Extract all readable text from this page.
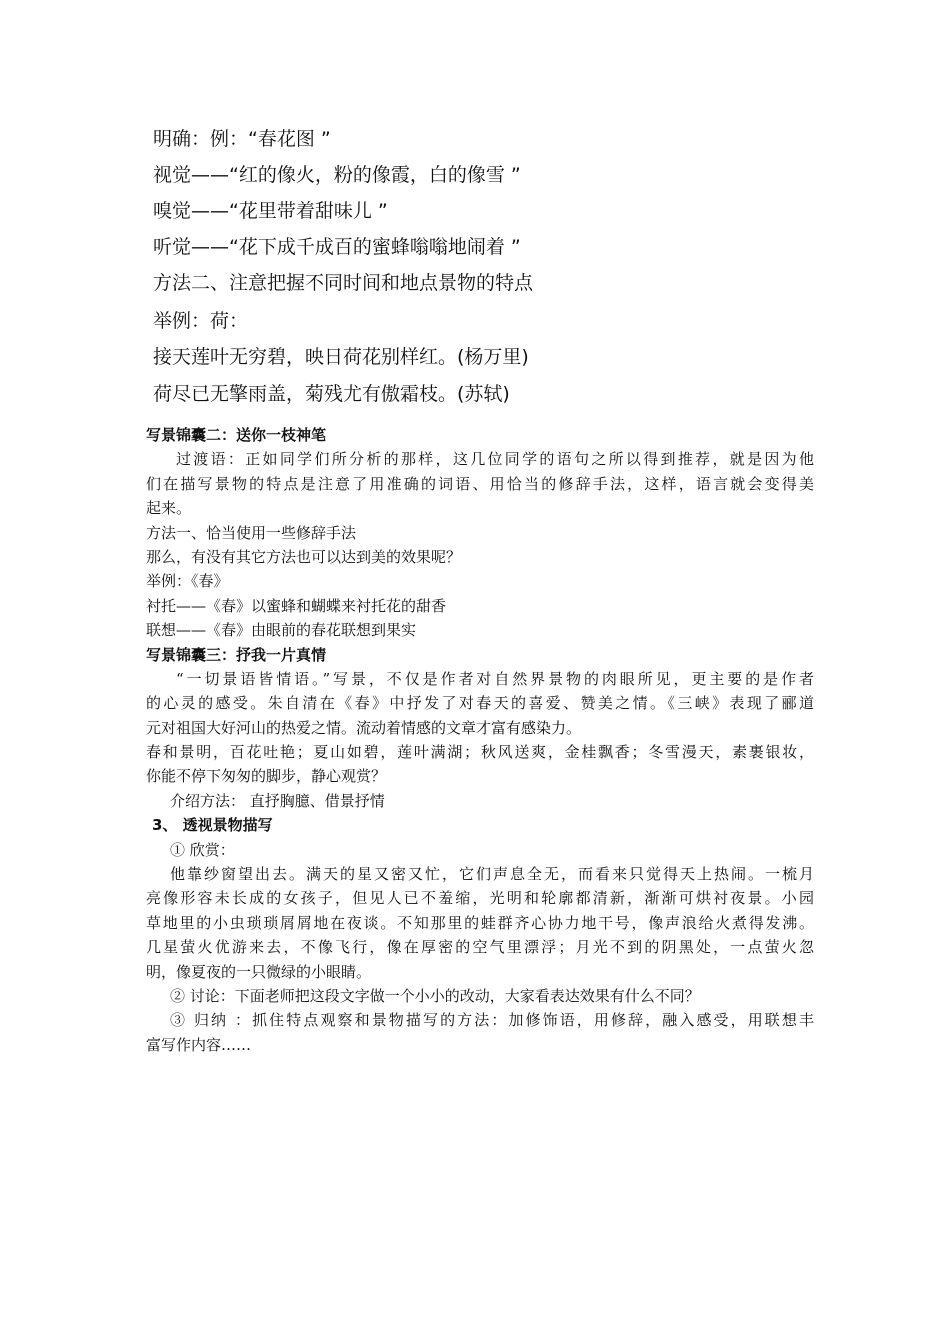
明确：例：“春花图 ”
视觉——“红的像火，粉的像霞，白的像雪 ”
嗅觉——“花里带着甜味儿 ”
听觉——“花下成千成百的蜜蜂嗡嗡地闹着 ”
方法二、注意把握不同时间和地点景物的特点
举例：荷：
接天莲叶无穷碧，映日荷花别样红。(杨万里)
荷尽已无擎雨盖，菊残尤有傲霜枝。(苏轼)
写景锦囊二：送你一枝神笔
过渡语：正如同学们所分析的那样，这几位同学的语句之所以得到推荐，就是因为他
们在描写景物的特点是注意了用准确的词语、用恰当的修辞手法，这样，语言就会变得美
起来。
方法一、恰当使用一些修辞手法
那么，有没有其它方法也可以达到美的效果呢？
举例：《春》
衬托——《春》以蜜蜂和蝴蝶来衬托花的甜香
联想——《春》由眼前的春花联想到果实
写景锦囊三：抒我一片真情
“一切景语皆情语。”写景，不仅是作者对自然界景物的肉眼所见，更主要的是作者
的心灵的感受。朱自清在《春》中抒发了对春天的喜爱、赞美之情。《三峡》表现了郦道
元对祖国大好河山的热爱之情。流动着情感的文章才富有感染力。
春和景明，百花吐艳；夏山如碧，莲叶满湖；秋风送爽，金桂飘香；冬雪漫天，素裹银妆，
你能不停下匆匆的脚步，静心观赏？
介绍方法： 直抒胸臆、借景抒情
3、 透视景物描写
① 欣赏：
他靠纱窗望出去。满天的星又密又忙，它们声息全无，而看来只觉得天上热闹。一梳月
亮像形容未长成的女孩子，但见人已不羞缩，光明和轮廓都清新，渐渐可烘衬夜景。小园
草地里的小虫琐琐屑屑地在夜谈。不知那里的蛙群齐心协力地干号，像声浪给火煮得发沸。
几星萤火优游来去，不像飞行，像在厚密的空气里漂浮；月光不到的阴黑处，一点萤火忽
明，像夏夜的一只微绿的小眼睛。
② 讨论：下面老师把这段文字做一个小小的改动，大家看表达效果有什么不同？
③ 归纳 ：抓住特点观察和景物描写的方法：加修饰语，用修辞，融入感受，用联想丰
富写作内容……
